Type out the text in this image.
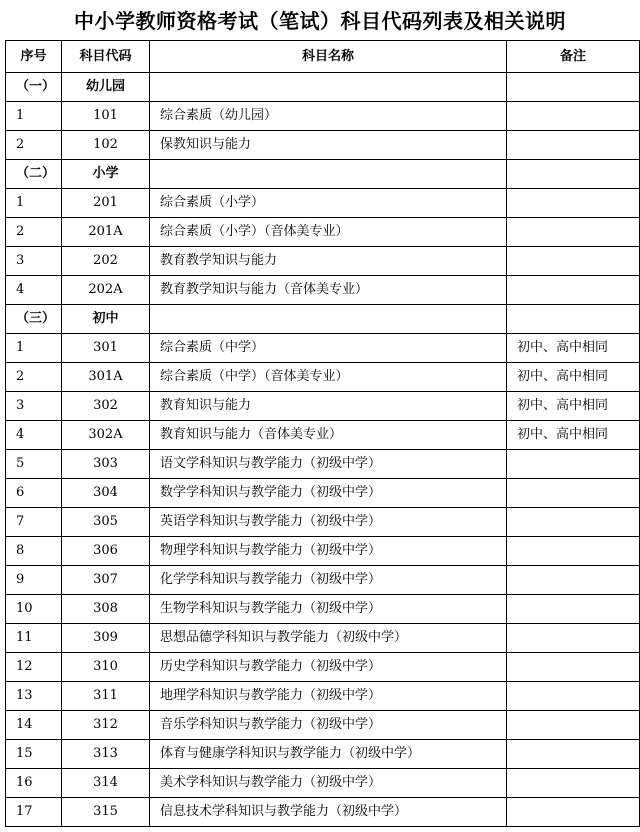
中小学教师资格考试（笔试）科目代码列表及相关说明
序号	科目代码	科目名称	备注
（一）	幼儿园		
1	101	综合素质（幼儿园）	
2	102	保教知识与能力	
（二）	小学		
1	201	综合素质（小学）	
2	201A	综合素质（小学）（音体美专业）	
3	202	教育教学知识与能力	
4	202A	教育教学知识与能力（音体美专业）	
（三）	初中		
1	301	综合素质（中学）	初中、高中相同
2	301A	综合素质（中学）（音体美专业）	初中、高中相同
3	302	教育知识与能力	初中、高中相同
4	302A	教育知识与能力（音体美专业）	初中、高中相同
5	303	语文学科知识与教学能力（初级中学）	
6	304	数学学科知识与教学能力（初级中学）	
7	305	英语学科知识与教学能力（初级中学）	
8	306	物理学科知识与教学能力（初级中学）	
9	307	化学学科知识与教学能力（初级中学）	
10	308	生物学科知识与教学能力（初级中学）	
11	309	思想品德学科知识与教学能力（初级中学）	
12	310	历史学科知识与教学能力（初级中学）	
13	311	地理学科知识与教学能力（初级中学）	
14	312	音乐学科知识与教学能力（初级中学）	
15	313	体育与健康学科知识与教学能力（初级中学）	
16	314	美术学科知识与教学能力（初级中学）	
17	315	信息技术学科知识与教学能力（初级中学）	
